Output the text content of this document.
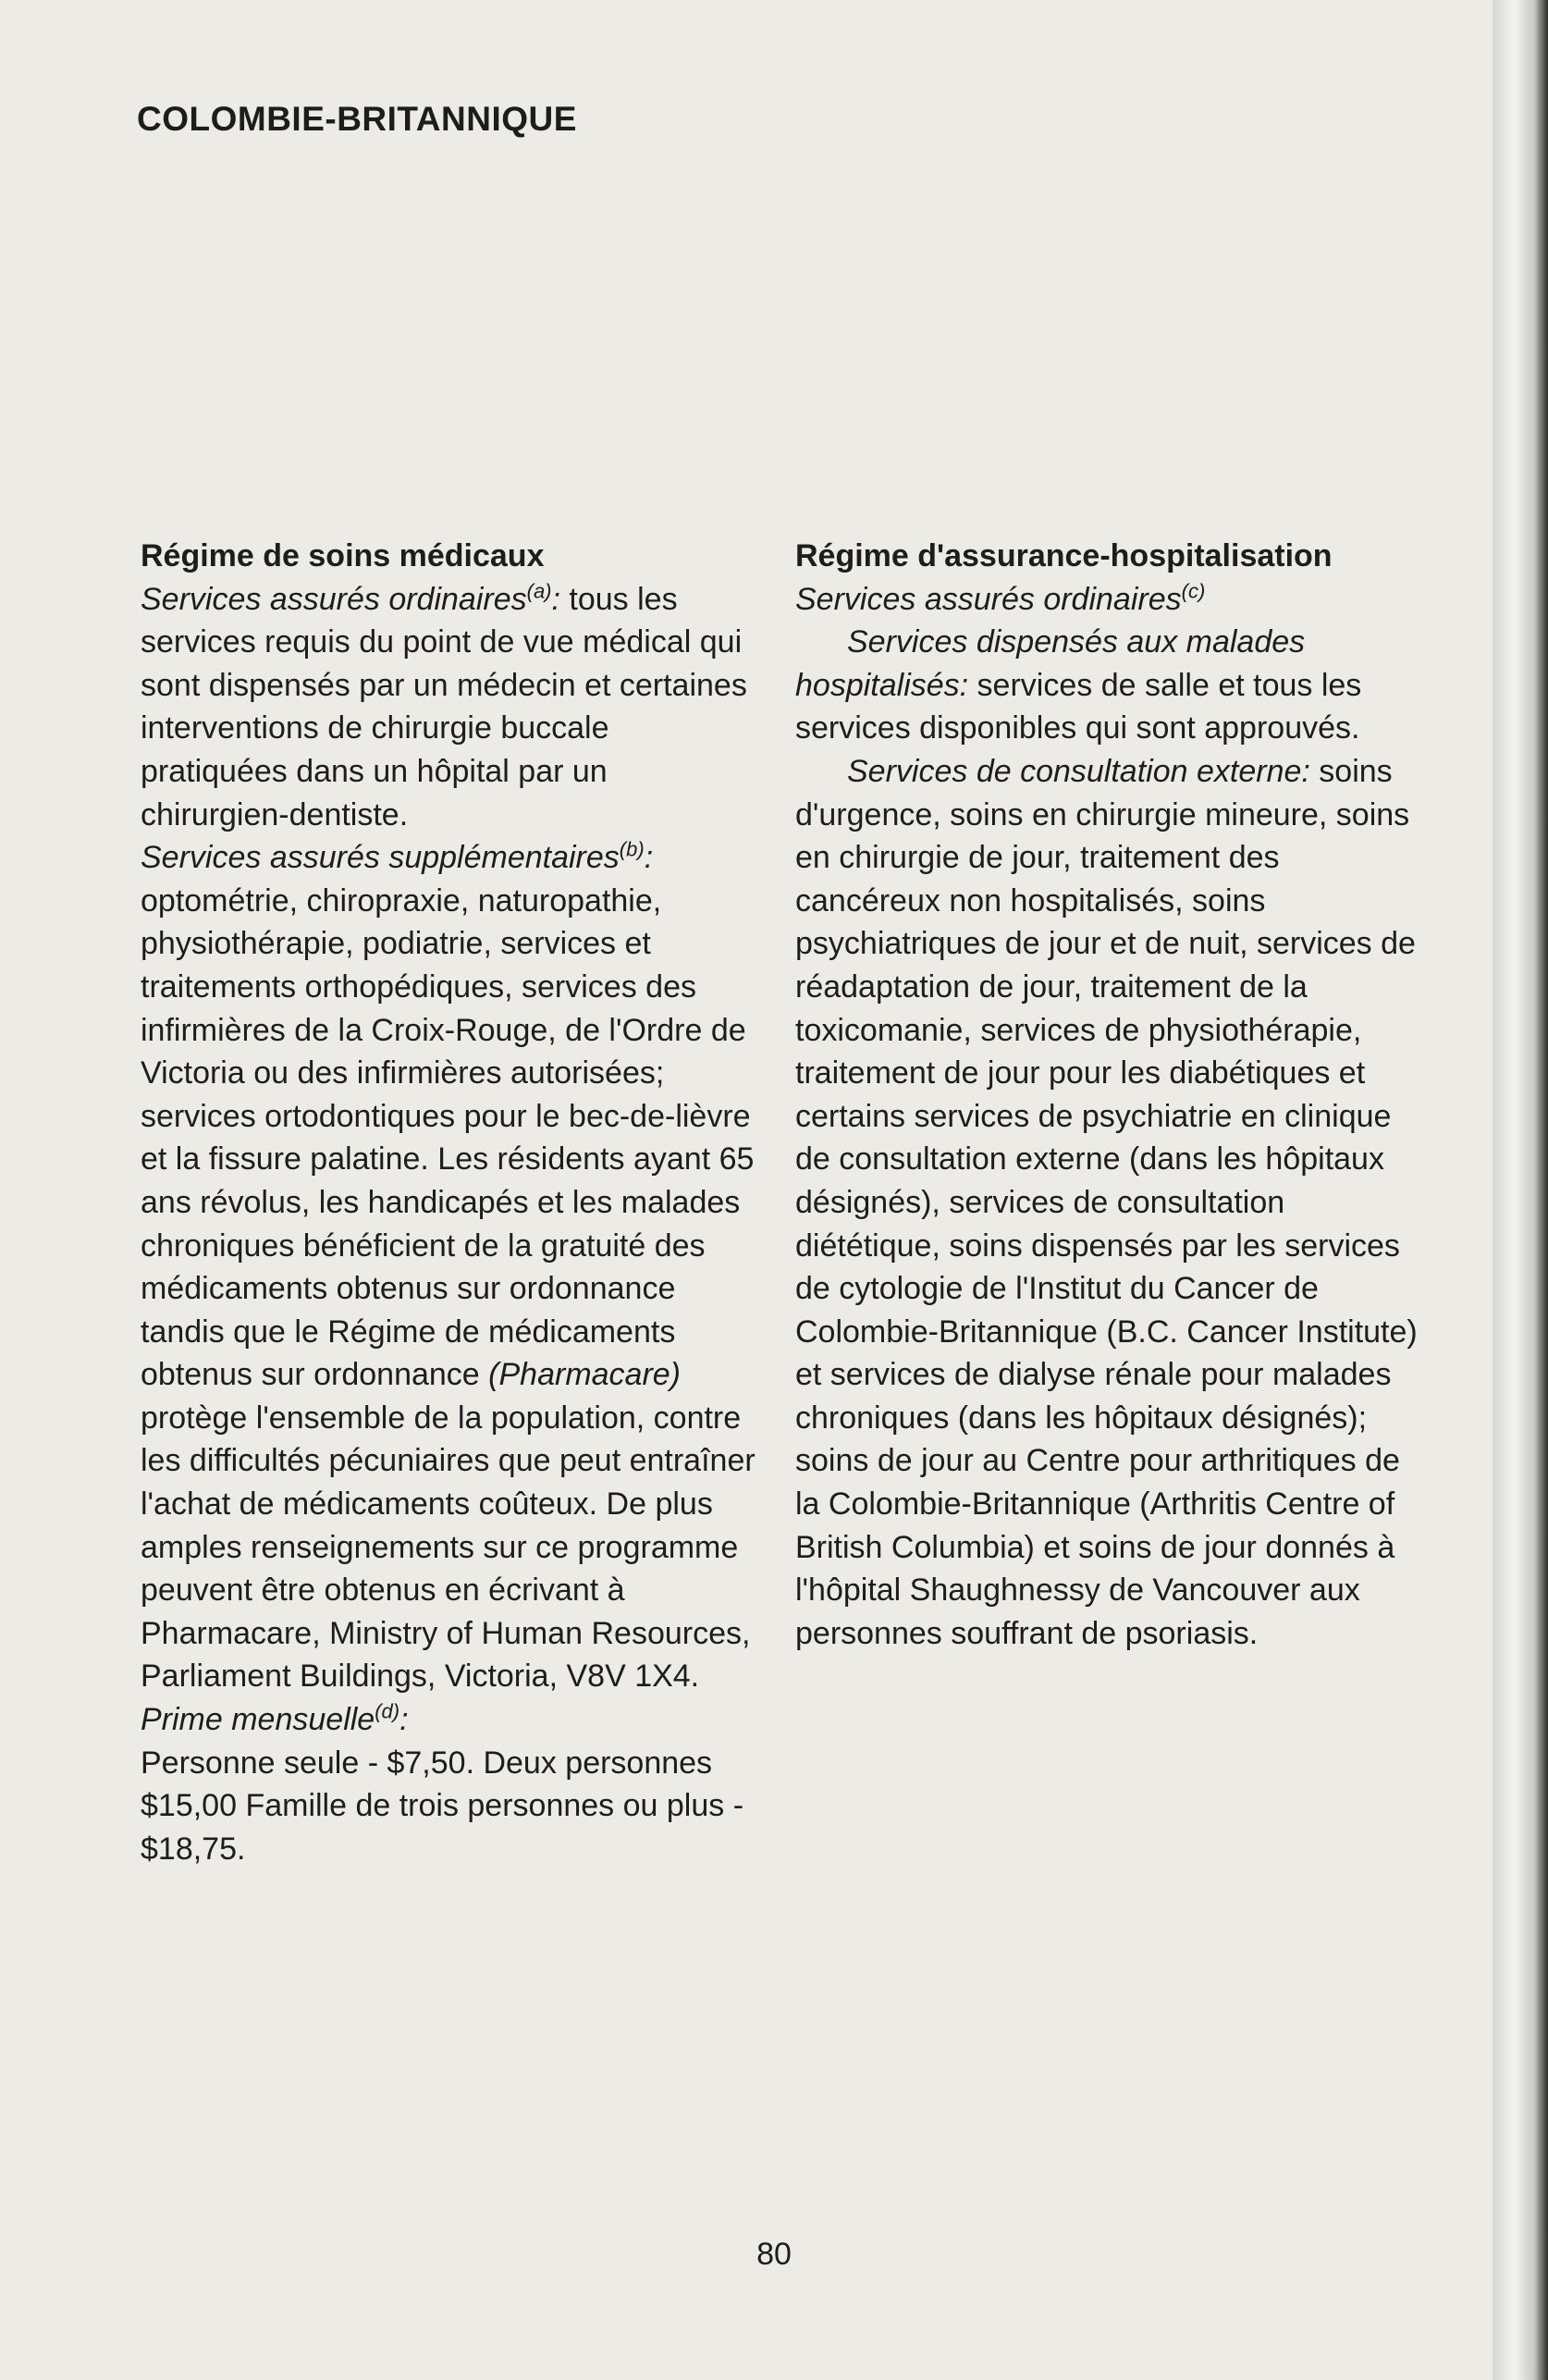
COLOMBIE-BRITANNIQUE

Régime de soins médicaux

Services assurés ordinaires$^{(a)}$: tous les services requis du point de vue médical qui sont dispensés par un médecin et certaines interventions de chirurgie buccale pratiquées dans un hôpital par un chirurgien-dentiste.

Services assurés supplémentaires$^{(b)}$: optométrie, chiropraxie, naturopathie, physiothérapie, podiatrie, services et traitements orthopédiques, services des infirmières de la Croix-Rouge, de l'Ordre de Victoria ou des infirmières autorisées; services ortodontiques pour le bec-de-lièvre et la fissure palatine. Les résidents ayant 65 ans révolus, les handicapés et les malades chroniques bénéficient de la gratuité des médicaments obtenus sur ordonnance tandis que le Régime de médicaments obtenus sur ordonnance (Pharmacare) protège l'ensemble de la population, contre les difficultés pécuniaires que peut entraîner l'achat de médicaments coûteux. De plus amples renseignements sur ce programme peuvent être obtenus en écrivant à Pharmacare, Ministry of Human Resources, Parliament Buildings, Victoria, V8V 1X4.

Prime mensuelle$^{(d)}$:

Personne seule - $7,50. Deux personnes $15,00 Famille de trois personnes ou plus - $18,75.

Régime d'assurance-hospitalisation

Services assurés ordinaires$^{(c)}$

Services dispensés aux malades hospitalisés: services de salle et tous les services disponibles qui sont approuvés.

Services de consultation externe: soins d'urgence, soins en chirurgie mineure, soins en chirurgie de jour, traitement des cancéreux non hospitalisés, soins psychiatriques de jour et de nuit, services de réadaptation de jour, traitement de la toxicomanie, services de physiothérapie, traitement de jour pour les diabétiques et certains services de psychiatrie en clinique de consultation externe (dans les hôpitaux désignés), services de consultation diététique, soins dispensés par les services de cytologie de l'Institut du Cancer de Colombie-Britannique (B.C. Cancer Institute) et services de dialyse rénale pour malades chroniques (dans les hôpitaux désignés); soins de jour au Centre pour arthritiques de la Colombie-Britannique (Arthritis Centre of British Columbia) et soins de jour donnés à l'hôpital Shaughnessy de Vancouver aux personnes souffrant de psoriasis.

80
